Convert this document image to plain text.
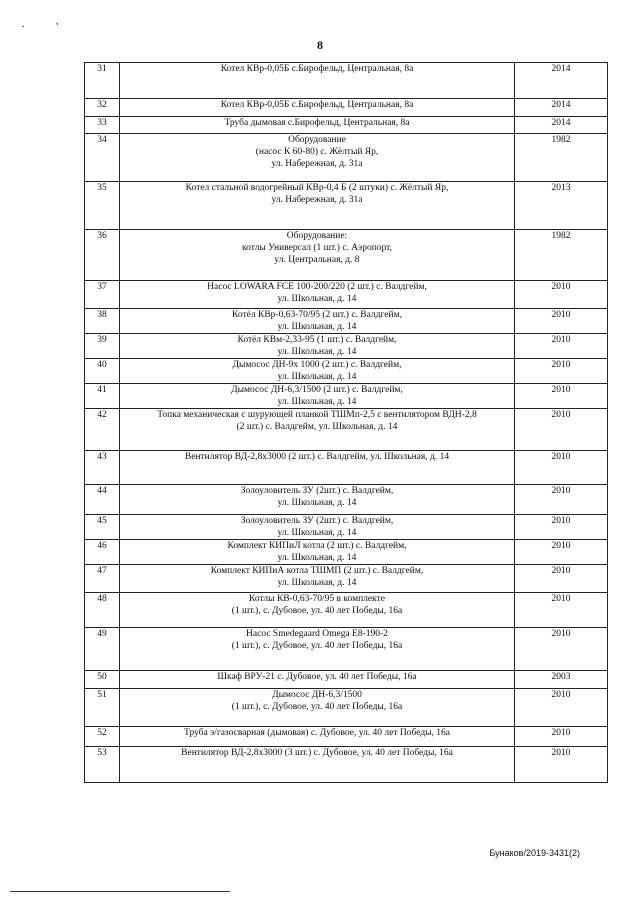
.	,
8
31	Котел КВр-0,05Б с.Бирофельд, Центральная, 8а	2014
32	Котел КВр-0,05Б с.Бирофельд, Центральная, 8а	2014
33	Труба дымовая с.Бирофельд, Центральная, 8а	2014
34	Оборудование
(насос К 60-80) с. Жёлтый Яр,
ул. Набережная, д. 31а	1982
35	Котел стальной водогрейный КВр-0,4 Б (2 штуки) с. Жёлтый Яр,
ул. Набережная, д. 31а	2013
36	Оборудование:
котлы Универсал (1 шт.) с. Аэропорт,
ул. Центральная, д. 8	1982
37	Насос LOWARA FCE 100-200/220 (2 шт.) с. Валдгейм,
ул. Школьная, д. 14	2010
38	Котёл КВр-0,63-70/95 (2 шт.) с. Валдгейм,
ул. Школьная, д. 14	2010
39	Котёл КВм-2,33-95 (1 шт.) с. Валдгейм,
ул. Школьная, д. 14	2010
40	Дымосос ДН-9х 1000 (2 шт.) с. Валдгейм,
ул. Школьная, д. 14	2010
41	Дымосос ДН-6,3/1500 (2 шт.) с. Валдгейм,
ул. Школьная, д. 14	2010
42	Топка механическая с шурующей планкой ТШМп-2,5 с вентилятором ВДН-2,8
(2 шт.) с. Валдгейм, ул. Школьная, д. 14	2010
43	Вентилятор ВД-2,8х3000 (2 шт.) с. Валдгейм, ул. Школьная, д. 14	2010
44	Золоуловитель ЗУ (2шт.) с. Валдгейм,
ул. Школьная, д. 14	2010
45	Золоуловитель ЗУ (2шт.) с. Валдгейм,
ул. Школьная, д. 14	2010
46	Комплект КИПиЛ котла (2 шт.) с. Валдгейм,
ул. Школьная, д. 14	2010
47	Комплект КИПиА котла ТШМП (2 шт.) с. Валдгейм,
ул. Школьная, д. 14	2010
48	Котлы КВ-0,63-70/95 в комплекте
(1 шт.), с. Дубовое, ул. 40 лет Победы, 16а	2010
49	Насос Smedegaard Omega E8-190-2
(1 шт.), с. Дубовое, ул. 40 лет Победы, 16а	2010
50	Шкаф ВРУ-21 с. Дубовое, ул. 40 лет Победы, 16а	2003
51	Дымосос ДН-6,3/1500
(1 шт.), с. Дубовое, ул. 40 лет Победы, 16а	2010
52	Труба э/газосварная (дымовая) с. Дубовое, ул. 40 лет Победы, 16а	2010
53	Вентилятор ВД-2,8х3000 (3 шт.) с. Дубовое, ул. 40 лет Победы, 16а	2010
Бунаков/2019-3431(2)
